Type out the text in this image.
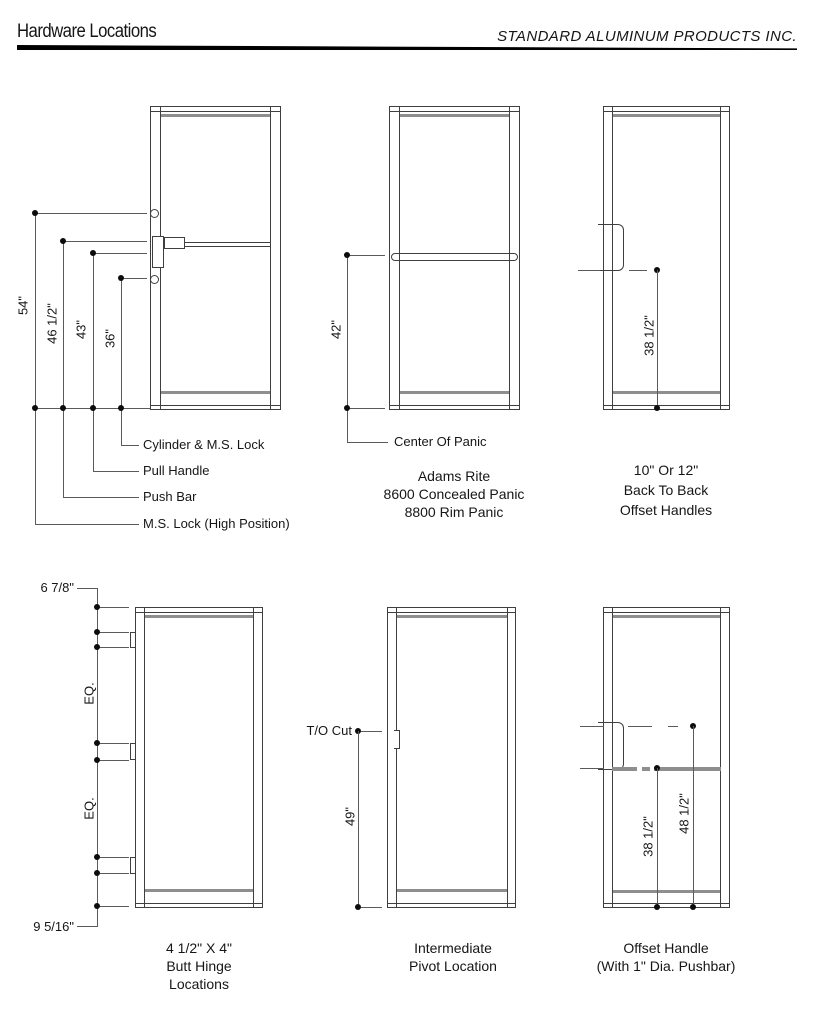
Hardware Locations	STANDARD ALUMINUM PRODUCTS INC.
Cylinder & M.S. Lock
Pull Handle
Push Bar
M.S. Lock (High Position)
54" 46 1/2" 43" 36"
Center Of Panic
42"
Adams Rite
8600 Concealed Panic
8800 Rim Panic
38 1/2"
10" Or 12"
Back To Back
Offset Handles
6 7/8"
9 5/16"
EQ.
EQ.
4 1/2" X 4"
Butt Hinge
Locations
T/O Cut
49"
Intermediate
Pivot Location
38 1/2"
48 1/2"
Offset Handle
(With 1" Dia. Pushbar)
